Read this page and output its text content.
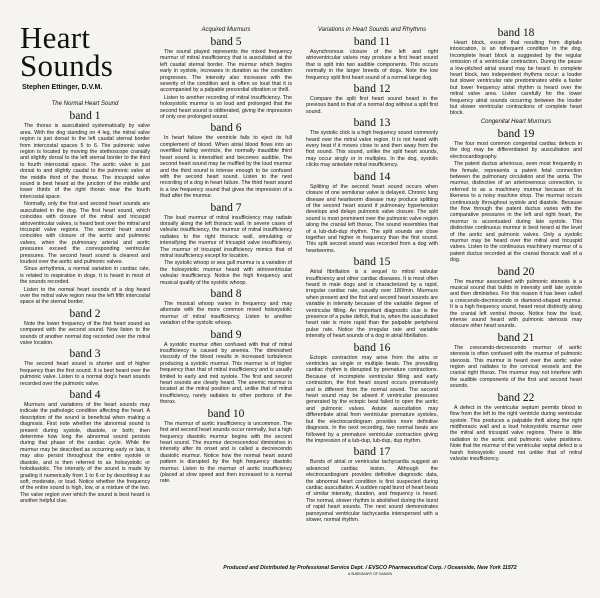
Heart
Sounds
Stephen Ettinger, D.V.M.
The Normal Heart Sound
band 1

The thorax is auscultated systematically by valve area. With the dog standing on 4 leg, the mitral valve region is just dorsal to the left caudal sternal border from intercostal spaces 5 to 6. The pulmonic valve region is located by moving the stethoscope cranially and slightly dorsal to the left sternal border to the third to fourth intercostal space. The aortic valve is just dorsal to and slightly caudal to the pulmonic valve at the middle third of the thorax. The tricuspid valve sound is best heard at the junction of the middle and lower thirds of the right thorax near the fourth intercostal space.

Normally, only the first and second heart sounds are auscultated in the dog. The first heart sound, which coincides with closure of the mitral and tricuspid atrioventricular valves, is heard best over the mitral and tricuspid valve regions. The second heart sound coincides with closure of the aortic and pulmonic valves, when the pulmonary arterial and aortic pressures exceed the corresponding ventricular pressures. The second heart sound is clearest and loudest over the aortic and pulmonic valves.

Sinus arrhythmia, a normal variation in cardiac rate, is related to respiration in dogs. It is heard in most of the sounds recorded.

Listen to the normal heart sounds of a dog heard over the mitral valve region near the left fifth intercostal space at the sternal border.

band 2

Note the lower frequency of the first heart sound as compared with the second sound. Now listen to the sounds of another normal dog recorded over the mitral valve location.

band 3

The second heart sound is shorter and of higher frequency than the first sound. It is best heard over the pulmonic valve. Listen to a normal dog's heart sounds recorded over the pulmonic valve.

band 4

Murmurs and variations of the heart sounds may indicate the pathologic condition affecting the heart. A description of the sound is beneficial when making a diagnosis. First note whether the abnormal sound is present during systole, diastole, or both; then determine how long the abnormal sound persists during that phase of the cardiac cycle. While the murmur may be described as occurring early or late, it may also persist throughout the entire systole or diastole, and is then referred to as holosystolic or holodiastolic. The intensity of the sound is made by grading it numerically from 1 to 6 or by describing it as soft, moderate, or loud. Notice whether the frequency of the entire sound is high, low, or a mixture of the two. The valve region over which the sound is best heard is another helpful clue.

Acquired Murmurs
band 5

The sound played represents the mixed frequency murmur of mitral insufficiency that is auscultated at the left caudal sternal border. The murmur which begins early in systole, increases in duration as the condition progresses. The intensity also increases with the severity of the condition and is often so loud that it is accompanied by a palpable precordial vibration or thrill.

Listen to another recording of mitral insufficiency. The holosystolic murmur is so loud and prolonged that the second heart sound is obliterated, giving the impression of only one prolonged sound.

band 6

In heart failure the ventricle fails to eject its full complement of blood. When atrial blood flows into an overfilled failing ventricle, the normally inaudible third heart sound is intensified and becomes audible. The second heart sound may be muffled by the loud murmur and the third sound is intense enough to be confused with the second heart sound. Listen to the next recording of a dog in heart failure. The third heart sound is a low frequency sound that gives the impression of a thud after the murmur.

band 7

The loud murmur of mitral insufficiency may radiate dorsally along the left thoracic wall. In severe cases of valvular insufficiency, the murmur of mitral insufficiency radiates to the right thoracic wall, simulating or intensifying the murmur of tricuspid valve insufficiency. The murmur of tricuspid insufficiency mimics that of mitral insufficiency except for location.

The systolic whoop or sea gull murmur is a variation of the holosystolic murmur heard with atrioventricular valvular insufficiency. Notice the high frequency and musical quality of the systolic whoop.

band 8

The musical whoop varies in frequency and may alternate with the more common mixed holosystolic murmur of mitral insufficiency. Listen to another variation of the systolic whoop.

band 9

A systolic murmur often confused with that of mitral insufficiency is caused by anemia. The diminished viscosity of the blood results in increased turbulence producing a systolic murmur. This murmur is of higher frequency than that of mitral insufficiency and is usually limited to early and mid systole. The first and second heart sounds are clearly heard. The anemic murmur is located at the mitral position and, unlike that of mitral insufficiency, rarely radiates to other portions of the thorax.

band 10

The murmur of aortic insufficiency is uncommon. The first and second heart sounds occur normally, but a high frequency diastolic murmur begins with the second heart sound. The murmur decrescendos/ diminishes in intensity after its onset and is called a decrescendo diastolic murmur. Notice how the normal heart sound pattern is disrupted by the high frequency diastolic murmur. Listen to the murmur of aortic insufficiency (placed at slow speed and then increased to a normal rate.

Variations in Heart Sounds and Rhythms
band 11

Asynchronous closure of the left and right atrioventricular valves may produce a first heart sound that is split into two audible components. This occurs normally in the larger breeds of dogs. Note the low frequency split first heart sound of a normal large dog.

band 12

Compare the split first heart sound heard in the previous band to that of a normal dog without a split first sound.

band 13

The systolic click is a high frequency sound commonly heard over the mitral valve region. It is not heard with every beat if it moves close to and then away from the first sound. This sound, unlike the split heart sounds, may occur singly or in multiples. In the dog, systolic clicks may antedate mitral insufficiency.

band 14

Splitting of the second heart sound occurs when closure of one semilunar valve is delayed. Chronic lung disease and heartworm disease may produce splitting of the second heart sound if pulmonary hypertension develops and delays pulmonic valve closure. The split sound is most prominent over the pulmonic valve region along the cranial left thorax. The sound resembles that of a lub-dub-dup rhythm. The split sounds are close together and higher in frequency than the first sound. This split second sound was recorded from a dog with heartworms.

band 15

Atrial fibrillation is a sequel to mitral valvular insufficiency and other cardiac diseases. It is most often heard in male dogs and is characterized by a rapid, irregular cardiac rate, usually over 180/min. Murmurs when present and the first and second heart sounds are variable in intensity because of the variable degree of ventricular filling. An important diagnostic clue is the presence of a pulse deficit, that is, when the auscultated heart rate is more rapid than the palpable peripheral pulse rate. Notice the irregular rate and variable intensity of heart sounds of a dog in atrial fibrillation.

band 16

Ectopic contraction may arise from the atria or ventricles as single or multiple beats. The prevailing cardiac rhythm is disrupted by premature contractions. Because of incomplete ventricular filling and early contraction, the first heart sound occurs prematurely and is different from the normal sound. The second heart sound may be absent if ventricular pressures generated by the ectopic beat failed to open the aortic and pulmonic valves. Astute auscultation may differentiate atrial from ventricular premature systoles, but the electrocardiogram provides more definitive diagnosis. In the next recording, two normal beats are followed by a premature ventricular contraction giving the impression of a lub-dup, lub-dup, dup rhythm.

band 17

Bursts of atrial or ventricular tachycardia suggest an advanced cardiac lesion. Although the electrocardiogram provides definitive diagnostic data, the abnormal heart condition is first suspected during cardiac auscultation. A sudden rapid burst of heart beats of similar intensity, duration, and frequency is heard. The normal, slower rhythm is abolished during the burst of rapid heart sounds. The next sound demonstrates paroxysmal ventricular tachycardia interspersed with a slower, normal rhythm.

band 18

Heart block, except that resulting from digitalis intoxication, is an infrequent condition in the dog. Incomplete heart block is suggested by the regular omission of a ventricular contraction. During the pause a low-pitched atrial sound may be heard. In complete heart block, two independent rhythms occur: a louder but slower ventricular rate predominates while a faster but lower frequency atrial rhythm is heard over the mitral valve area. Listen carefully for the lower frequency atrial sounds occurring between the louder but slower ventricular contractions of complete heart block.

Congenital Heart Murmurs
band 19

The four most common congenital cardiac defects in the dog may be differentiated by auscultation and electrocardiography.

The patent ductus arteriosus, seen most frequently in the female, represents a patent fetal connection between the pulmonary circulation and the aorta. The murmur, distinctive of an arteriovenous connection, is referred to as a machinery murmur because of its likeness to a noisy machine shop. The murmur occurs continuously throughout systole and diastole. Because the flow through the patent ductus varies with the comparative pressures in the left and right heart, the murmur is accentuated during late systole. This distinctive continuous murmur is best heard at the level of the aortic and pulmonic valves. Only a systolic murmur may be heard over the mitral and tricuspid valves. Listen to the continuous machinery murmur of a patent ductus recorded at the cranial thoracic wall of a dog.

band 20

The murmur associated with pulmonic stenosis is a musical sound that builds in intensity until late systole and then diminishes. For this reason it has been called a crescendo-decrescendo or diamond-shaped murmur. It is a high frequency sound, heard most distinctly along the cranial left ventral thorax. Notice how the loud, intense sound heard with pulmonic stenosis may obscure other heart sounds.

band 21

The crescendo-decrescendo murmur of aortic stenosis is often confused with the murmur of pulmonic stenosis. This murmur is heard over the aortic valve region and radiates to the cervical vessels and the cranial right thorax. The murmur may not interfere with the audible components of the first and second heart sounds.

band 22

A defect in the ventricular septum permits blood to flow from the left to the right ventricle during ventricular systole. This produces a palpable thrill along the right midthoracic wall and a loud holosystolic murmur over the mitral and tricuspid valve regions. There is little radiation to the aortic and pulmonic valve positions. Note that the murmur of the ventricular septal defect is a harsh holosystolic sound not unlike that of mitral valvular insufficiency.

Produced and Distributed by Professional Service Dept. / EVSCO Pharmaceutical Corp. / Oceanside, New York 11572
A SUBSIDIARY OF DAMON
